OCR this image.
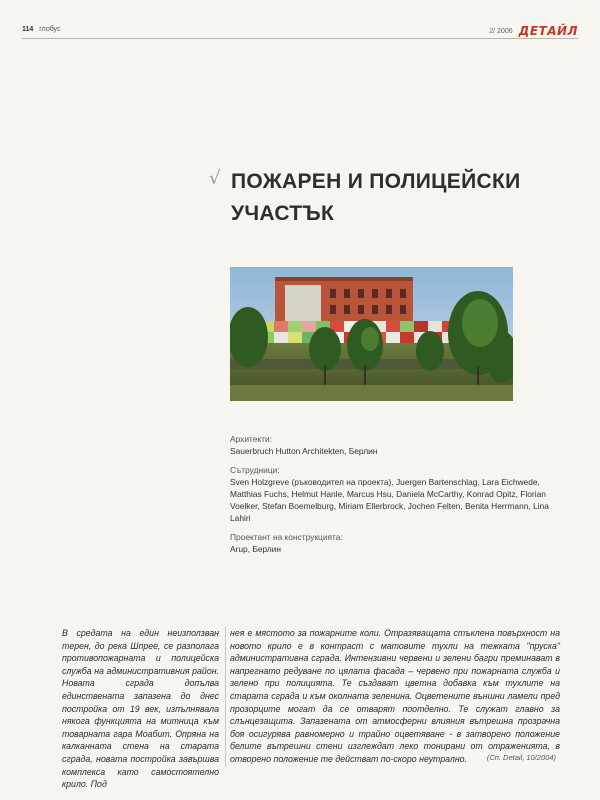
114 глобус	2/ 2006 ДЕТАЙЛ
√ ПОЖАРЕН И ПОЛИЦЕЙСКИ
УЧАСТЪК
Архитекти:
Sauerbruch Hutton Architekten, Берлин
Сътрудници:
Sven Holzgreve (ръководител на проекта), Juergen Bartenschlag, Lara Eichwede, Matthias Fuchs, Helmut Hanle, Marcus Hsu, Daniela McCarthy, Konrad Opitz, Florian Voelker, Stefan Boemelburg, Miriam Ellerbrock, Jochen Felten, Benita Herrmann, Lina Lahiri
Проектант на конструкцията:
Arup, Берлин

В средата на един неизползван терен, до река Шпрее, се разполага противопожарната и полицейска служба на административния район. Новата сграда допълва единствената запазена до днес постройка от 19 век, изпълнявала някога функцията на митница към товарната гара Моабит. Опряна на калканната стена на старата сграда, новата постройка завършва комплекса като самостоятелно крило. Под

нея е мястото за пожарните коли. Отразяващата стъклена повърхност на новото крило е в контраст с матовите тухли на тежката "пруска" административна сграда. Интензивни червени и зелени багри преминават в напрегнато редуване по цялата фасада – червено при пожарната служба и зелено при полицията. Те създават цветна добавка към тухлите на старата сграда и към околната зеленина. Оцветените външни ламели пред прозорците могат да се отварят поотделно. Те служат главно за слънцезащита. Запазената от атмосферни влияния вътрешна прозрачна боя осигурява равномерно и трайно оцветяване - в затворено положение белите вътрешни стени изглеждат леко тонирани от отраженията, в отворено положение те действат по-скоро неутрално.	(Сп. Detail, 10/2004)
